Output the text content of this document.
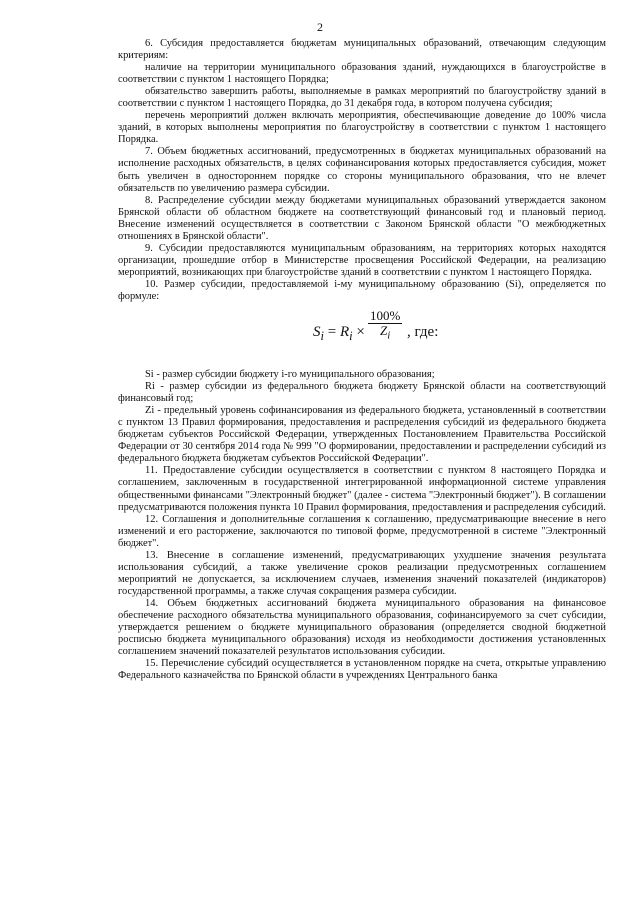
2

6. Субсидия предоставляется бюджетам муниципальных образований, отвечающим следующим критериям:

наличие на территории муниципального образования зданий, нуждающихся в благоустройстве в соответствии с пунктом 1 настоящего Порядка;

обязательство завершить работы, выполняемые в рамках мероприятий по благоустройству зданий в соответствии с пунктом 1 настоящего Порядка, до 31 декабря года, в котором получена субсидия;

перечень мероприятий должен включать мероприятия, обеспечивающие доведение до 100% числа зданий, в которых выполнены мероприятия по благоустройству в соответствии с пунктом 1 настоящего Порядка.

7. Объем бюджетных ассигнований, предусмотренных в бюджетах муниципальных образований на исполнение расходных обязательств, в целях софинансирования которых предоставляется субсидия, может быть увеличен в одностороннем порядке со стороны муниципального образования, что не влечет обязательств по увеличению размера субсидии.

8. Распределение субсидии между бюджетами муниципальных образований утверждается законом Брянской области об областном бюджете на соответствующий финансовый год и плановый период. Внесение изменений осуществляется в соответствии с Законом Брянской области "О межбюджетных отношениях в Брянской области".

9. Субсидии предоставляются муниципальным образованиям, на территориях которых находятся организации, прошедшие отбор в Министерстве просвещения Российской Федерации, на реализацию мероприятий, возникающих при благоустройстве зданий в соответствии с пунктом 1 настоящего Порядка.

10. Размер субсидии, предоставляемой i-му муниципальному образованию (Si), определяется по формуле:

$S_i = R_i \times \frac{100\%}{Z_i}$ , где:

Si - размер субсидии бюджету i-го муниципального образования;

Ri - размер субсидии из федерального бюджета бюджету Брянской области на соответствующий финансовый год;

Zi - предельный уровень софинансирования из федерального бюджета, установленный в соответствии с пунктом 13 Правил формирования, предоставления и распределения субсидий из федерального бюджета бюджетам субъектов Российской Федерации, утвержденных Постановлением Правительства Российской Федерации от 30 сентября 2014 года № 999 "О формировании, предоставлении и распределении субсидий из федерального бюджета бюджетам субъектов Российской Федерации".

11. Предоставление субсидии осуществляется в соответствии с пунктом 8 настоящего Порядка и соглашением, заключенным в государственной интегрированной информационной системе управления общественными финансами "Электронный бюджет" (далее - система "Электронный бюджет"). В соглашении предусматриваются положения пункта 10 Правил формирования, предоставления и распределения субсидий.

12. Соглашения и дополнительные соглашения к соглашению, предусматривающие внесение в него изменений и его расторжение, заключаются по типовой форме, предусмотренной в системе "Электронный бюджет".

13. Внесение в соглашение изменений, предусматривающих ухудшение значения результата использования субсидий, а также увеличение сроков реализации предусмотренных соглашением мероприятий не допускается, за исключением случаев, изменения значений показателей (индикаторов) государственной программы, а также случая сокращения размера субсидии.

14. Объем бюджетных ассигнований бюджета муниципального образования на финансовое обеспечение расходного обязательства муниципального образования, софинансируемого за счет субсидии, утверждается решением о бюджете муниципального образования (определяется сводной бюджетной росписью бюджета муниципального образования) исходя из необходимости достижения установленных соглашением значений показателей результатов использования субсидии.

15. Перечисление субсидий осуществляется в установленном порядке на счета, открытые управлению Федерального казначейства по Брянской области в учреждениях Центрального банка
